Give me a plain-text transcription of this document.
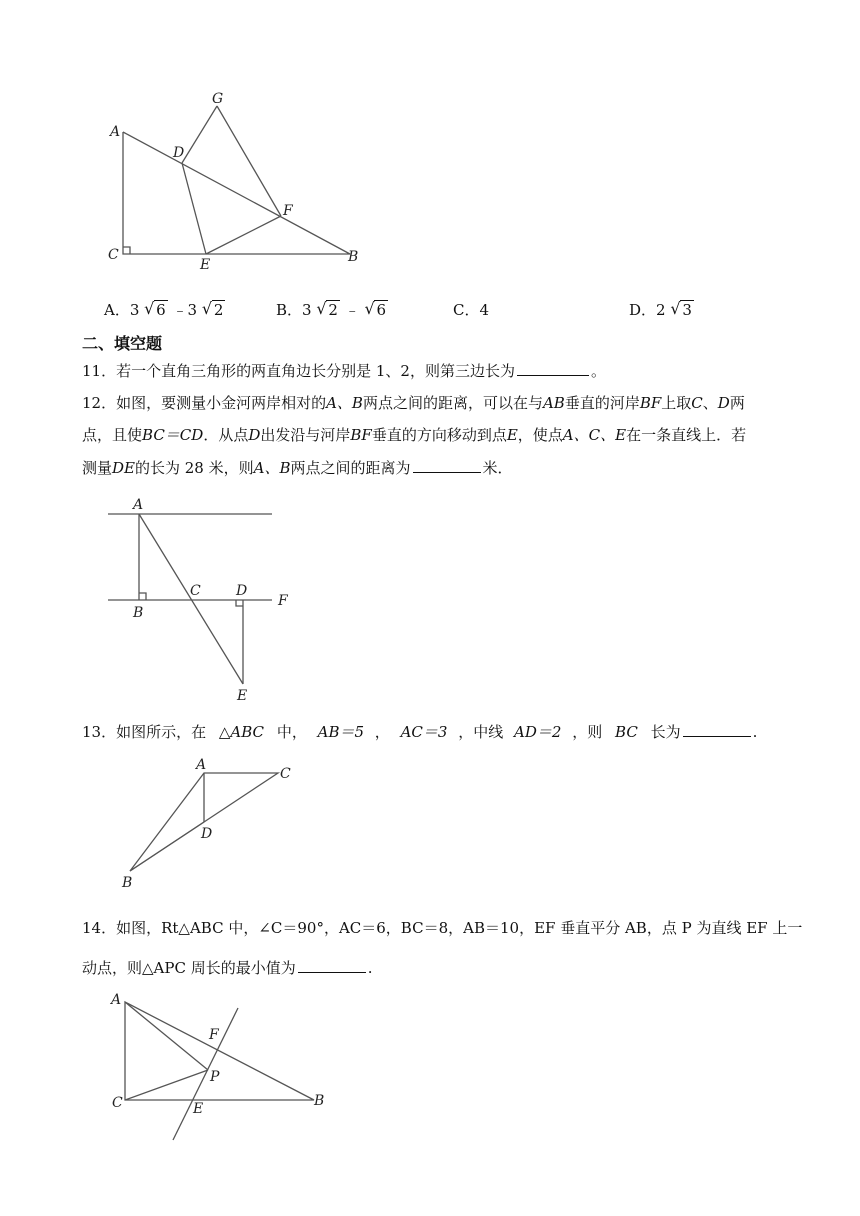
A
C
D
G
F
E	B
A．3 √ 6 ﹣3 √ 2	B．3 √ 2 ﹣ √ 6	C．4	D．2 √ 3
二、填空题
11．若一个直角三角形的两直角边长分别是 1、2，则第三边长为	。
12．如图，要测量小金河两岸相对的A、B两点之间的距离，可以在与AB垂直的河岸BF上取C、D两
点，且使BC＝CD．从点D出发沿与河岸BF垂直的方向移动到点E，使点A、C、E在一条直线上．若
测量DE的长为 28 米，则A、B两点之间的距离为	米．
A
B
C	D
F
E
13．如图所示，在 △ABC 中， AB＝5 ， AC＝3 ，中线 AD＝2 ，则 BC 长为	.
A
C
D
B
14．如图，Rt△ABC 中，∠C＝90°，AC＝6，BC＝8，AB＝10，EF 垂直平分 AB，点 P 为直线 EF 上一
动点，则△APC 周长的最小值为	.
A
F
P
C	E	B
